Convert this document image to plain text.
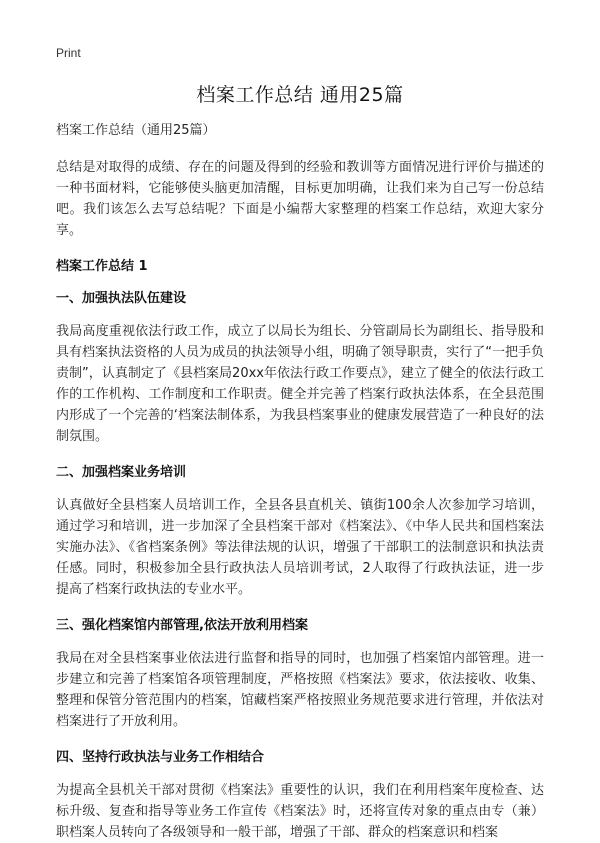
Print
档案工作总结 通用25篇

档案工作总结（通用25篇）

总结是对取得的成绩、存在的问题及得到的经验和教训等方面情况进行评价与描述的一种书面材料，它能够使头脑更加清醒，目标更加明确，让我们来为自己写一份总结吧。我们该怎么去写总结呢？下面是小编帮大家整理的档案工作总结，欢迎大家分享。

档案工作总结 1

一、加强执法队伍建设

我局高度重视依法行政工作，成立了以局长为组长、分管副局长为副组长、指导股和具有档案执法资格的人员为成员的执法领导小组，明确了领导职责，实行了“一把手负责制”，认真制定了《县档案局20xx年依法行政工作要点》，建立了健全的依法行政工作的工作机构、工作制度和工作职责。健全并完善了档案行政执法体系，在全县范围内形成了一个完善的‘档案法制体系，为我县档案事业的健康发展营造了一种良好的法制氛围。

二、加强档案业务培训

认真做好全县档案人员培训工作，全县各县直机关、镇街100余人次参加学习培训，通过学习和培训，进一步加深了全县档案干部对《档案法》、《中华人民共和国档案法实施办法》、《省档案条例》等法律法规的认识，增强了干部职工的法制意识和执法责任感。同时，积极参加全县行政执法人员培训考试，2人取得了行政执法证，进一步提高了档案行政执法的专业水平。

三、强化档案馆内部管理,依法开放利用档案

我局在对全县档案事业依法进行监督和指导的同时，也加强了档案馆内部管理。进一步建立和完善了档案馆各项管理制度，严格按照《档案法》要求，依法接收、收集、整理和保管分管范围内的档案，馆藏档案严格按照业务规范要求进行管理，并依法对档案进行了开放利用。

四、坚持行政执法与业务工作相结合

为提高全县机关干部对贯彻《档案法》重要性的认识，我们在利用档案年度检查、达标升级、复查和指导等业务工作宣传《档案法》时，还将宣传对象的重点由专（兼）职档案人员转向了各级领导和一般干部，增强了干部、群众的档案意识和档案
